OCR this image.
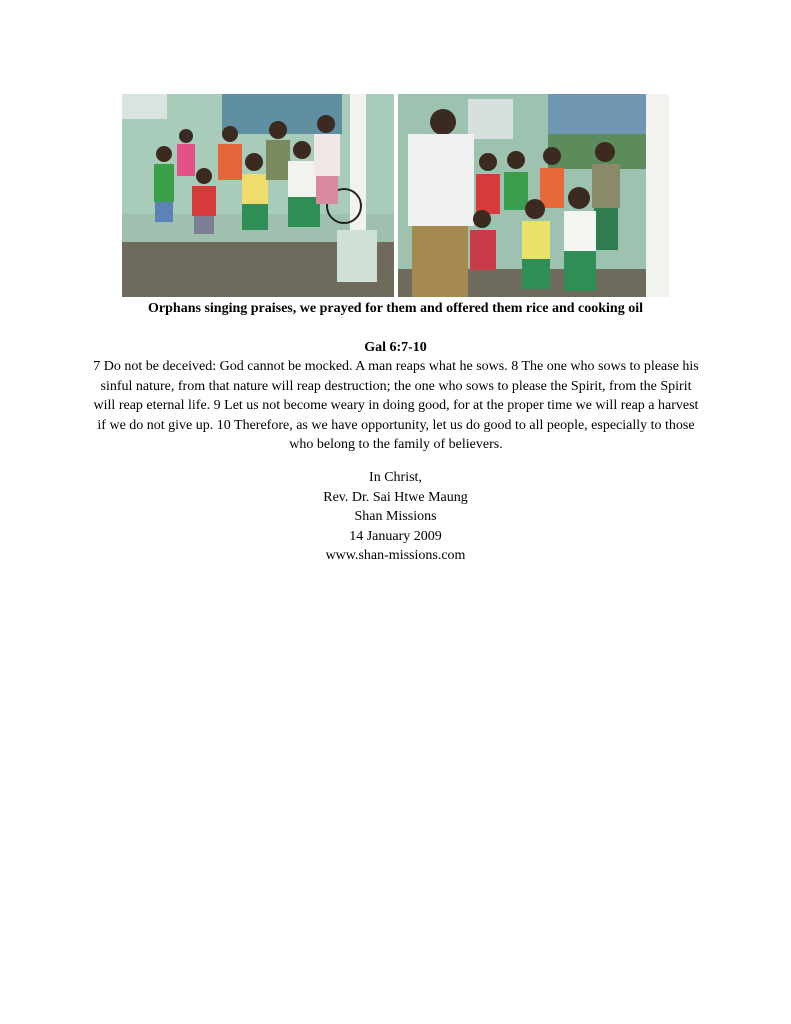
Orphans singing praises, we prayed for them and offered them rice and cooking oil
Gal 6:7-10
7 Do not be deceived: God cannot be mocked. A man reaps what he sows. 8 The one who sows to please his sinful nature, from that nature will reap destruction; the one who sows to please the Spirit, from the Spirit will reap eternal life. 9 Let us not become weary in doing good, for at the proper time we will reap a harvest if we do not give up. 10 Therefore, as we have opportunity, let us do good to all people, especially to those who belong to the family of believers.
In Christ,
Rev. Dr. Sai Htwe Maung
Shan Missions
14 January 2009
www.shan-missions.com
